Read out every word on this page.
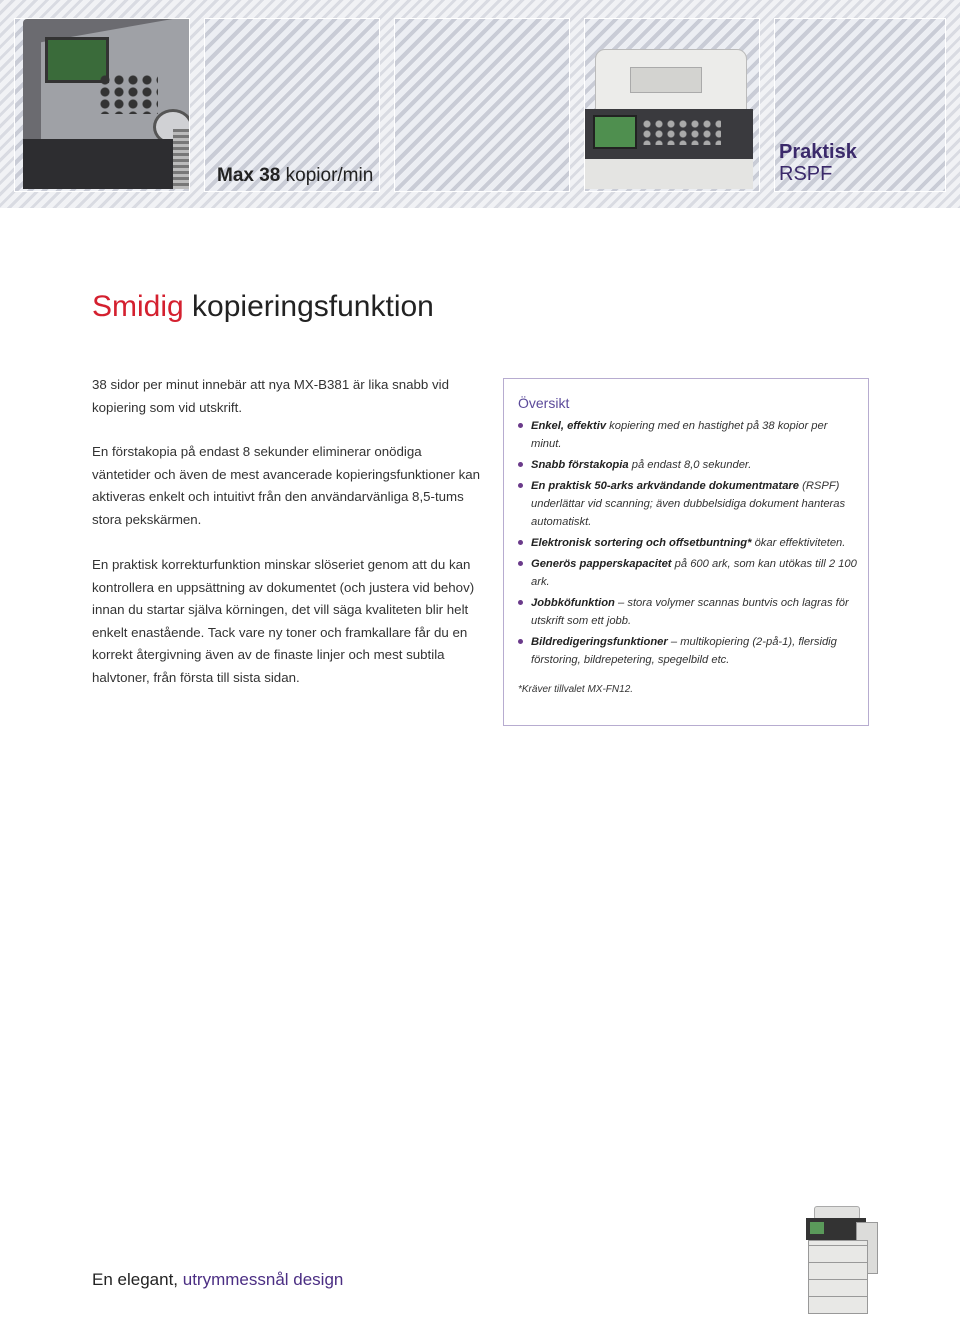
Max 38 kopior/min
Praktisk
RSPF
Smidig kopieringsfunktion

38 sidor per minut innebär att nya MX-B381 är lika snabb vid kopiering som vid utskrift.

En förstakopia på endast 8 sekunder eliminerar onödiga väntetider och även de mest avancerade kopieringsfunktioner kan aktiveras enkelt och intuitivt från den användarvänliga 8,5-tums stora pekskärmen.

En praktisk korrekturfunktion minskar slöseriet genom att du kan kontrollera en uppsättning av dokumentet (och justera vid behov) innan du startar själva körningen, det vill säga kvaliteten blir helt enkelt enastående. Tack vare ny toner och framkallare får du en korrekt återgivning även av de finaste linjer och mest subtila halvtoner, från första till sista sidan.

Översikt
Enkel, effektiv kopiering med en hastighet på 38 kopior per minut.
Snabb förstakopia på endast 8,0 sekunder.
En praktisk 50-arks arkvändande dokumentmatare (RSPF) underlättar vid scanning; även dubbelsidiga dokument hanteras automatiskt.
Elektronisk sortering och offsetbuntning* ökar effektiviteten.
Generös papperskapacitet på 600 ark, som kan utökas till 2 100 ark.
Jobbköfunktion – stora volymer scannas buntvis och lagras för utskrift som ett jobb.
Bildredigeringsfunktioner – multikopiering (2-på-1), flersidig förstoring, bildrepetering, spegelbild etc.
*Kräver tillvalet MX-FN12.
En elegant, utrymmessnål design
